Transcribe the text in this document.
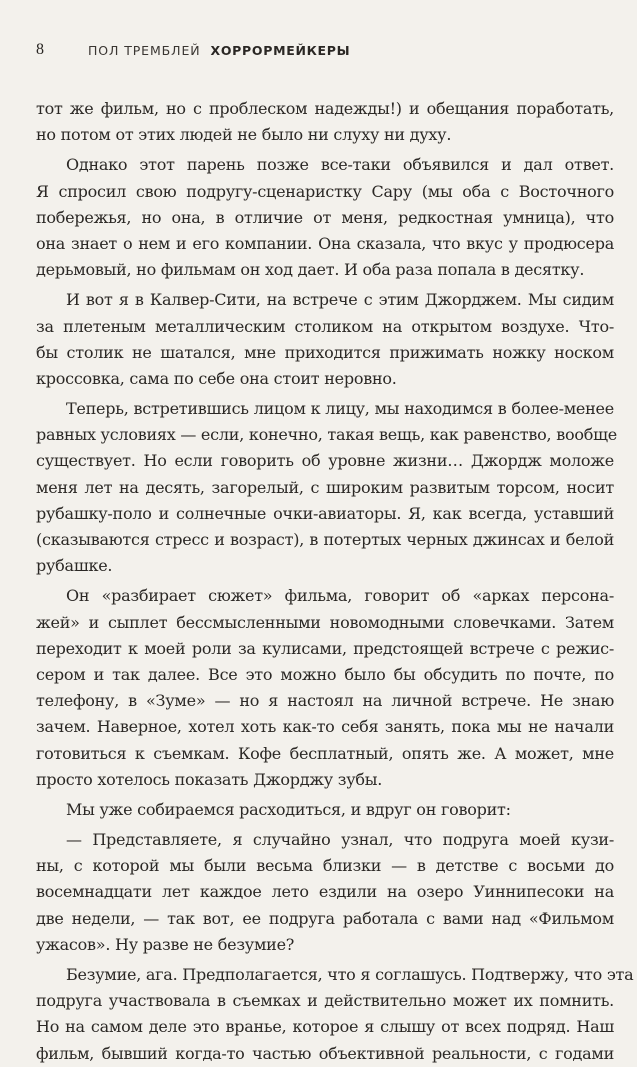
8	ПОЛ ТРЕМБЛЕЙ ХОРРОРМЕЙКЕРЫ
тот же фильм, но с проблеском надежды!) и обещания поработать,
но потом от этих людей не было ни слуху ни духу.
Однако этот парень позже все-таки объявился и дал ответ.
Я спросил свою подругу-сценаристку Сару (мы оба с Восточного
побережья, но она, в отличие от меня, редкостная умница), что
она знает о нем и его компании. Она сказала, что вкус у продюсера
дерьмовый, но фильмам он ход дает. И оба раза попала в десятку.
И вот я в Калвер-Сити, на встрече с этим Джорджем. Мы сидим
за плетеным металлическим столиком на открытом воздухе. Что-
бы столик не шатался, мне приходится прижимать ножку носком
кроссовка, сама по себе она стоит неровно.
Теперь, встретившись лицом к лицу, мы находимся в более-менее
равных условиях — если, конечно, такая вещь, как равенство, вообще
существует. Но если говорить об уровне жизни… Джордж моложе
меня лет на десять, загорелый, с широким развитым торсом, носит
рубашку-поло и солнечные очки-авиаторы. Я, как всегда, уставший
(сказываются стресс и возраст), в потертых черных джинсах и белой
рубашке.
Он «разбирает сюжет» фильма, говорит об «арках персона-
жей» и сыплет бессмысленными новомодными словечками. Затем
переходит к моей роли за кулисами, предстоящей встрече с режис-
сером и так далее. Все это можно было бы обсудить по почте, по
телефону, в «Зуме» — но я настоял на личной встрече. Не знаю
зачем. Наверное, хотел хоть как-то себя занять, пока мы не начали
готовиться к съемкам. Кофе бесплатный, опять же. А может, мне
просто хотелось показать Джорджу зубы.
Мы уже собираемся расходиться, и вдруг он говорит:
— Представляете, я случайно узнал, что подруга моей кузи-
ны, с которой мы были весьма близки — в детстве с восьми до
восемнадцати лет каждое лето ездили на озеро Уиннипесоки на
две недели, — так вот, ее подруга работала с вами над «Фильмом
ужасов». Ну разве не безумие?
Безумие, ага. Предполагается, что я соглашусь. Подтвержу, что эта
подруга участвовала в съемках и действительно может их помнить.
Но на самом деле это вранье, которое я слышу от всех подряд. Наш
фильм, бывший когда-то частью объективной реальности, с годами
